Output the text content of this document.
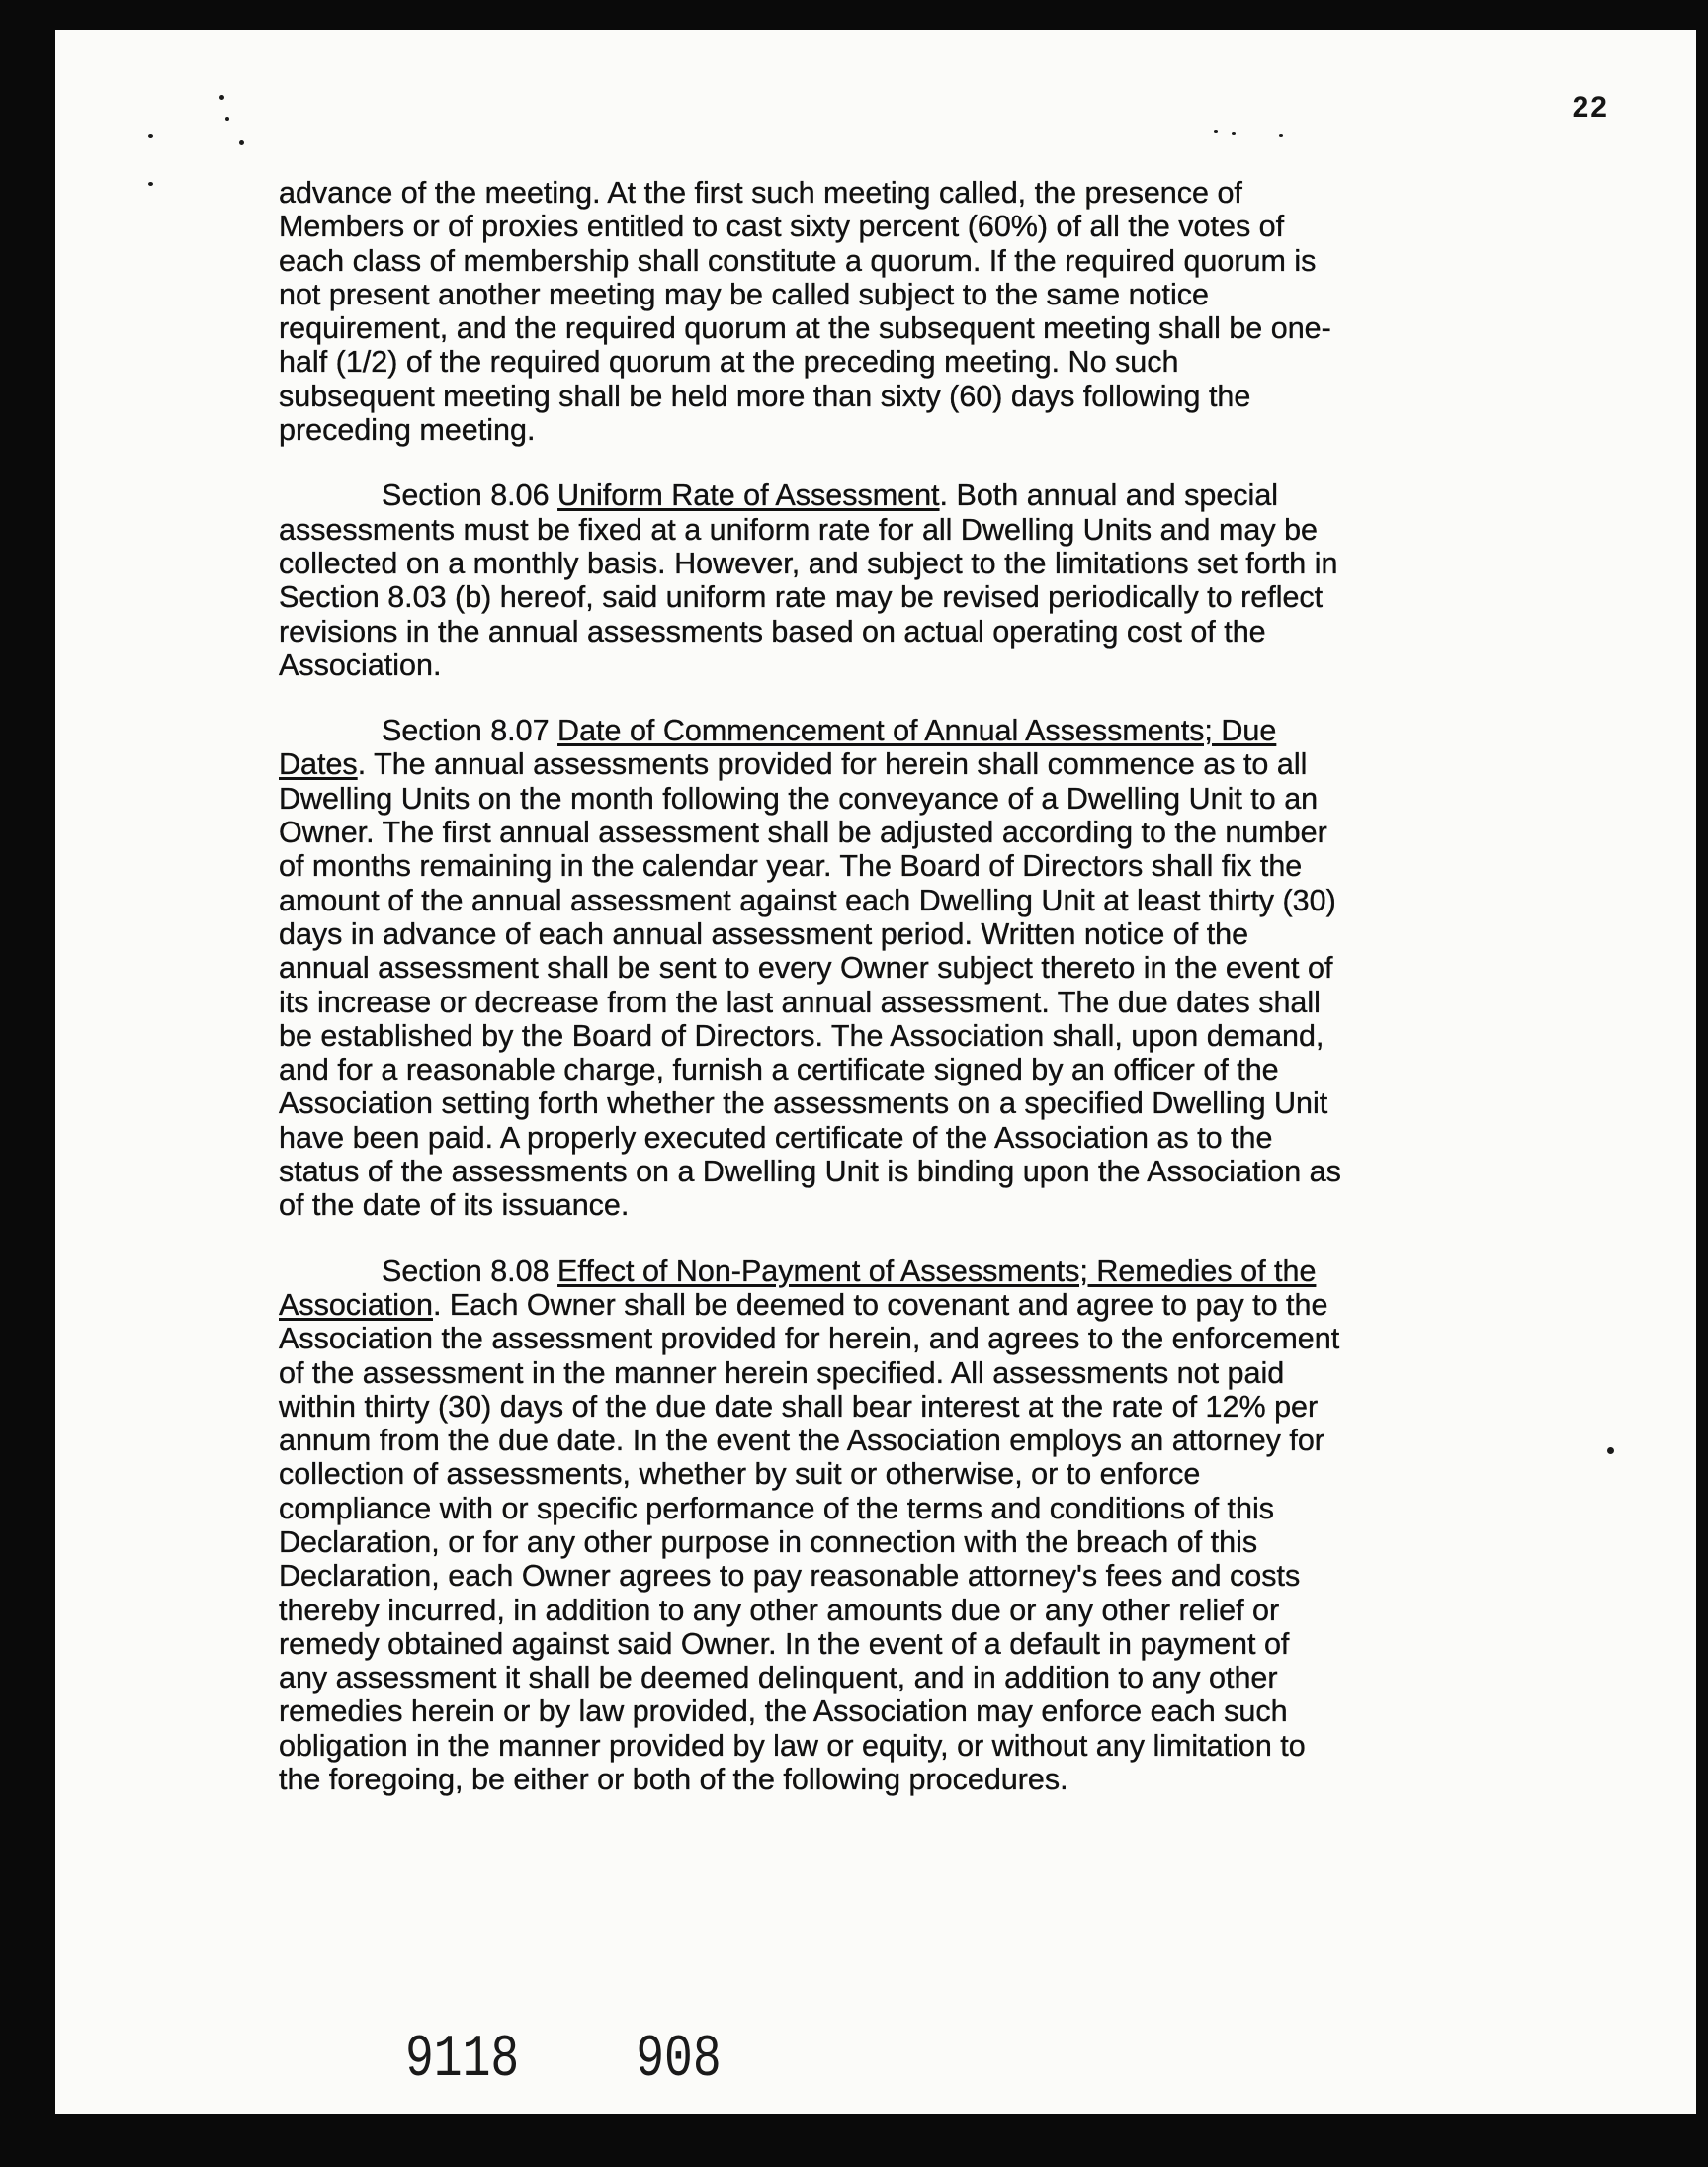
22
advance of the meeting. At the first such meeting called, the presence of
Members or of proxies entitled to cast sixty percent (60%) of all the votes of
each class of membership shall constitute a quorum. If the required quorum is
not present another meeting may be called subject to the same notice
requirement, and the required quorum at the subsequent meeting shall be one-
half (1/2) of the required quorum at the preceding meeting. No such
subsequent meeting shall be held more than sixty (60) days following the
preceding meeting.
Section 8.06 Uniform Rate of Assessment. Both annual and special
assessments must be fixed at a uniform rate for all Dwelling Units and may be
collected on a monthly basis. However, and subject to the limitations set forth in
Section 8.03 (b) hereof, said uniform rate may be revised periodically to reflect
revisions in the annual assessments based on actual operating cost of the
Association.
Section 8.07 Date of Commencement of Annual Assessments; Due
Dates. The annual assessments provided for herein shall commence as to all
Dwelling Units on the month following the conveyance of a Dwelling Unit to an
Owner. The first annual assessment shall be adjusted according to the number
of months remaining in the calendar year. The Board of Directors shall fix the
amount of the annual assessment against each Dwelling Unit at least thirty (30)
days in advance of each annual assessment period. Written notice of the
annual assessment shall be sent to every Owner subject thereto in the event of
its increase or decrease from the last annual assessment. The due dates shall
be established by the Board of Directors. The Association shall, upon demand,
and for a reasonable charge, furnish a certificate signed by an officer of the
Association setting forth whether the assessments on a specified Dwelling Unit
have been paid. A properly executed certificate of the Association as to the
status of the assessments on a Dwelling Unit is binding upon the Association as
of the date of its issuance.
Section 8.08 Effect of Non-Payment of Assessments; Remedies of the
Association. Each Owner shall be deemed to covenant and agree to pay to the
Association the assessment provided for herein, and agrees to the enforcement
of the assessment in the manner herein specified. All assessments not paid
within thirty (30) days of the due date shall bear interest at the rate of 12% per
annum from the due date. In the event the Association employs an attorney for
collection of assessments, whether by suit or otherwise, or to enforce
compliance with or specific performance of the terms and conditions of this
Declaration, or for any other purpose in connection with the breach of this
Declaration, each Owner agrees to pay reasonable attorney's fees and costs
thereby incurred, in addition to any other amounts due or any other relief or
remedy obtained against said Owner. In the event of a default in payment of
any assessment it shall be deemed delinquent, and in addition to any other
remedies herein or by law provided, the Association may enforce each such
obligation in the manner provided by law or equity, or without any limitation to
the foregoing, be either or both of the following procedures.
9118 908
